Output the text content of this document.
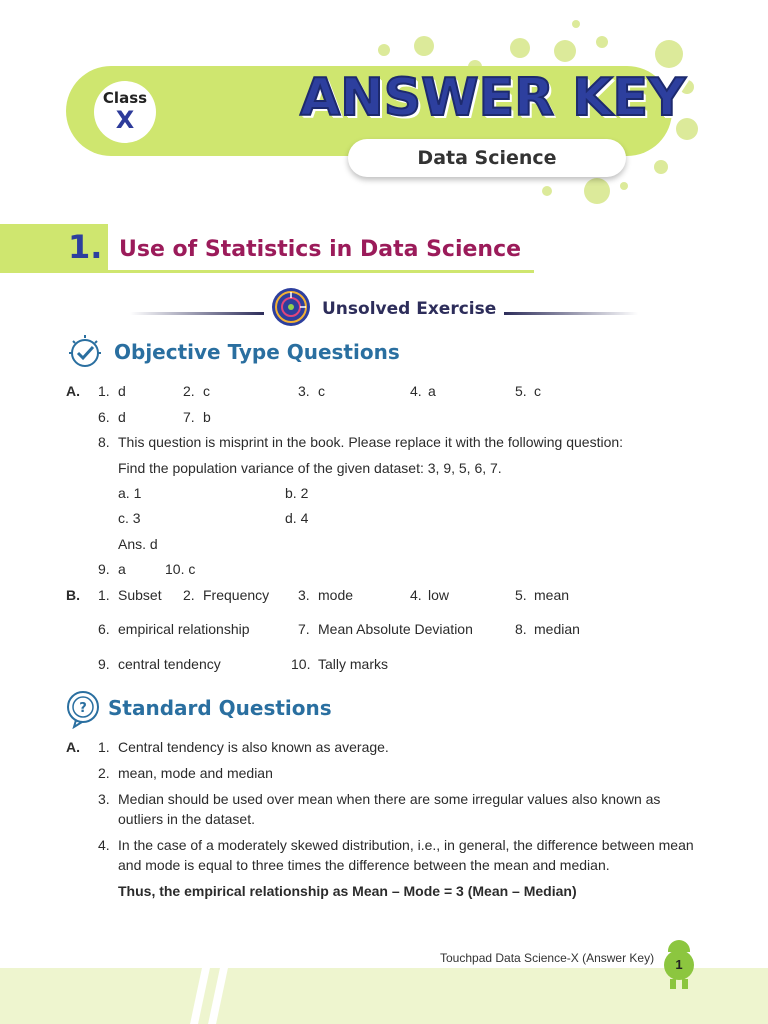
Class
X	ANSWER KEY
Data Science
1. Use of Statistics in Data Science
Unsolved Exercise
Objective Type Questions
A. 1. d	2. c	3. c	4. a	5. c
6. d	7. b
8. This question is misprint in the book. Please replace it with the following question:
Find the population variance of the given dataset: 3, 9, 5, 6, 7.
a. 1	b. 2
c. 3	d. 4
Ans. d
9. a	10. c
B. 1. Subset 2. Frequency 3. mode	4. low	5. mean
6. empirical relationship	7. Mean Absolute Deviation	8. median
9. central tendency	10. Tally marks
? Standard Questions
A. 1. Central tendency is also known as average.
2. mean, mode and median
3. Median should be used over mean when there are some irregular values also known as outliers in the dataset.
4. In the case of a moderately skewed distribution, i.e., in general, the difference between mean and mode is equal to three times the difference between the mean and median.
Thus, the empirical relationship as Mean – Mode = 3 (Mean – Median)
Touchpad Data Science-X (Answer Key)	1
